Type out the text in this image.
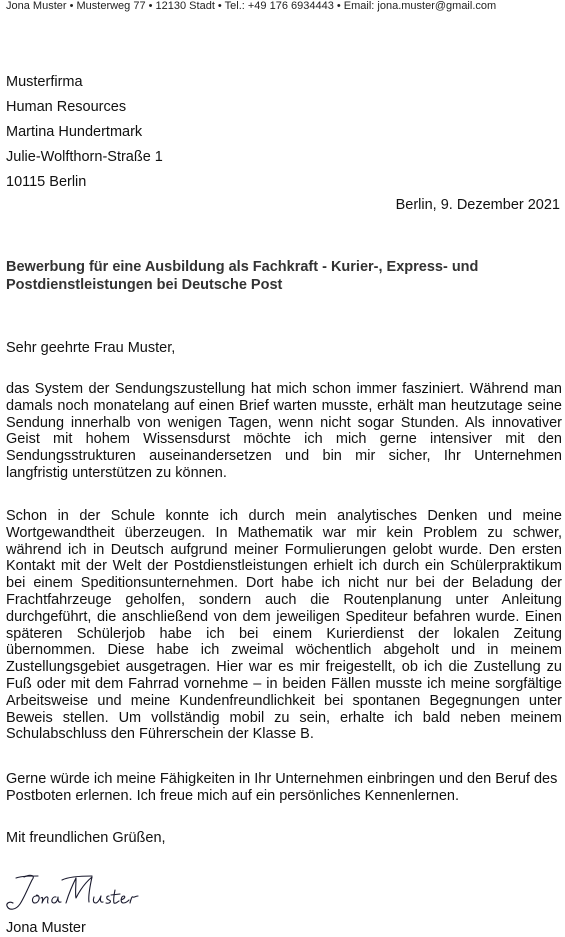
Jona Muster • Musterweg 77 • 12130 Stadt • Tel.: +49 176 6934443 • Email: jona.muster@gmail.com
Musterfirma
Human Resources
Martina Hundertmark
Julie-Wolfthorn-Straße 1
10115 Berlin
Berlin, 9. Dezember 2021
Bewerbung für eine Ausbildung als Fachkraft - Kurier-, Express- und Postdienstleistungen bei Deutsche Post
Sehr geehrte Frau Muster,
das System der Sendungszustellung hat mich schon immer fasziniert. Während man damals noch monatelang auf einen Brief warten musste, erhält man heutzutage seine Sendung innerhalb von wenigen Tagen, wenn nicht sogar Stunden. Als innovativer Geist mit hohem Wissensdurst möchte ich mich gerne intensiver mit den Sendungsstrukturen auseinandersetzen und bin mir sicher, Ihr Unternehmen langfristig unterstützen zu können.
Schon in der Schule konnte ich durch mein analytisches Denken und meine Wortgewandtheit überzeugen. In Mathematik war mir kein Problem zu schwer, während ich in Deutsch aufgrund meiner Formulierungen gelobt wurde. Den ersten Kontakt mit der Welt der Postdienstleistungen erhielt ich durch ein Schülerpraktikum bei einem Speditionsunternehmen. Dort habe ich nicht nur bei der Beladung der Frachtfahrzeuge geholfen, sondern auch die Routenplanung unter Anleitung durchgeführt, die anschließend von dem jeweiligen Spediteur befahren wurde. Einen späteren Schülerjob habe ich bei einem Kurierdienst der lokalen Zeitung übernommen. Diese habe ich zweimal wöchentlich abgeholt und in meinem Zustellungsgebiet ausgetragen. Hier war es mir freigestellt, ob ich die Zustellung zu Fuß oder mit dem Fahrrad vornehme – in beiden Fällen musste ich meine sorgfältige Arbeitsweise und meine Kundenfreundlichkeit bei spontanen Begegnungen unter Beweis stellen. Um vollständig mobil zu sein, erhalte ich bald neben meinem Schulabschluss den Führerschein der Klasse B.
Gerne würde ich meine Fähigkeiten in Ihr Unternehmen einbringen und den Beruf des Postboten erlernen. Ich freue mich auf ein persönliches Kennenlernen.
Mit freundlichen Grüßen,
Jona Muster
